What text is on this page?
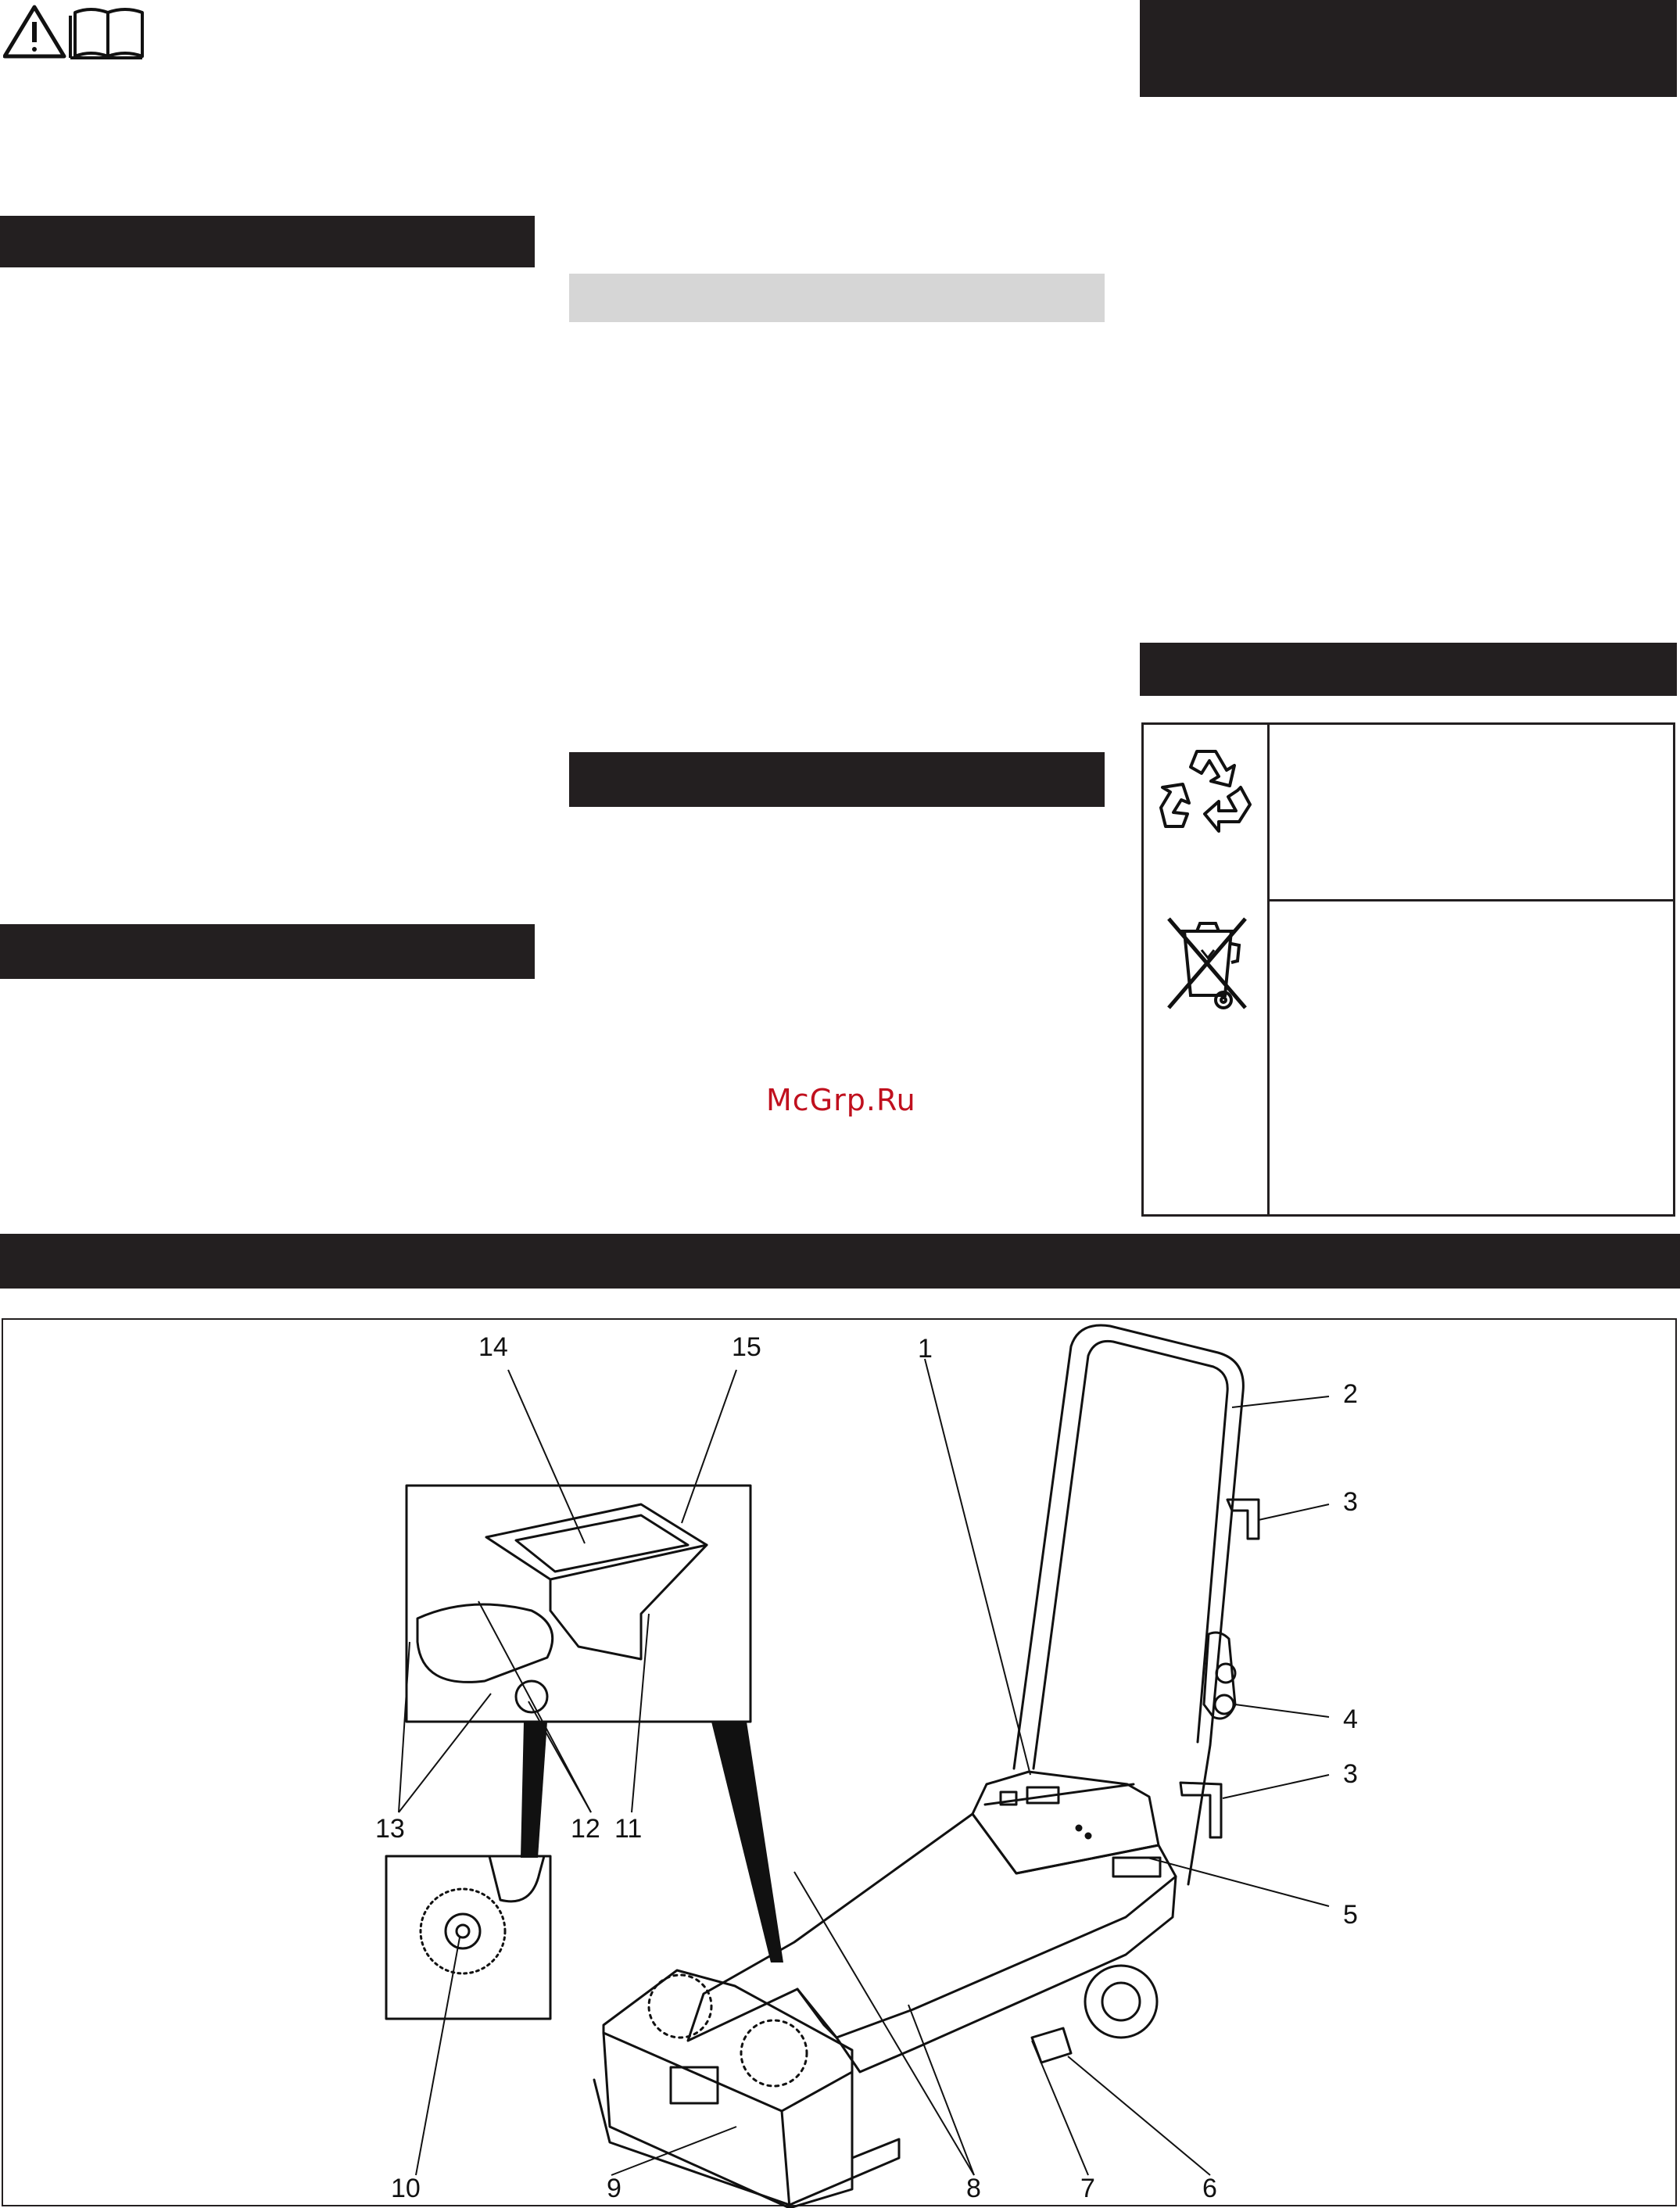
McGrp.Ru
1
2
3
4
3
5
6
7
8
9
10
11
12
13
14	15
